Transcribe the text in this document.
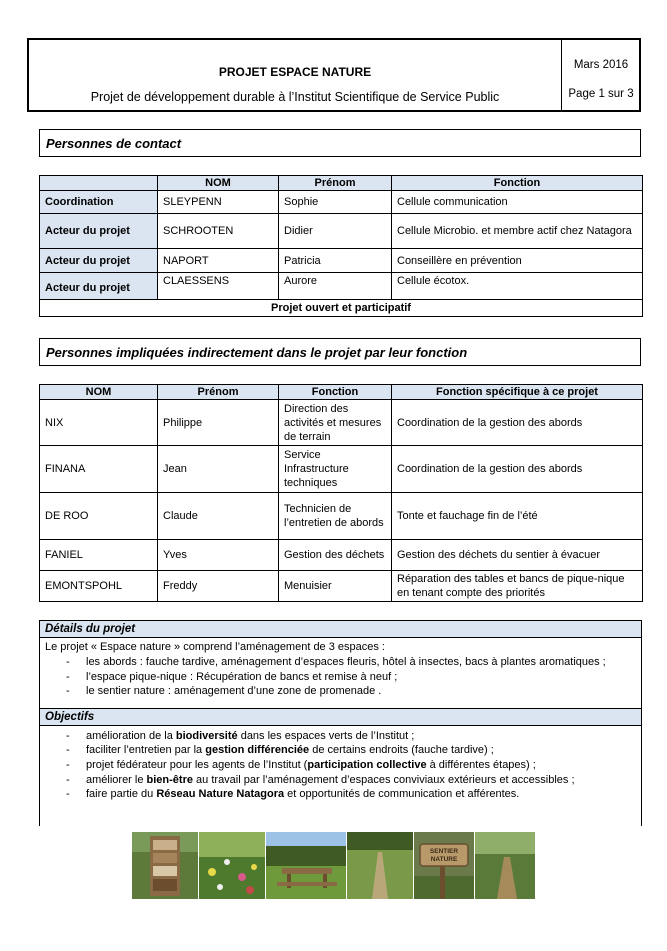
PROJET ESPACE NATURE
Projet de développement durable à l’Institut Scientifique de Service Public
Mars 2016
Page 1 sur 3
Personnes de contact
	NOM	Prénom	Fonction
Coordination	SLEYPENN	Sophie	Cellule communication
Acteur du projet	SCHROOTEN	Didier	Cellule Microbio. et membre actif chez Natagora
Acteur du projet	NAPORT	Patricia	Conseillère en prévention
Acteur du projet	CLAESSENS	Aurore	Cellule écotox.
Projet ouvert et participatif			
Personnes impliquées indirectement dans le projet par leur fonction
NOM	Prénom	Fonction	Fonction spécifique à ce projet
NIX	Philippe	Direction des activités et mesures de terrain	Coordination de la gestion des abords
FINANA	Jean	Service Infrastructure techniques	Coordination de la gestion des abords
DE ROO	Claude	Technicien de l’entretien de abords	Tonte et fauchage fin de l’été
FANIEL	Yves	Gestion des déchets	Gestion des déchets du sentier à évacuer
EMONTSPOHL	Freddy	Menuisier	Réparation des tables et bancs de pique-nique en tenant compte des priorités
Détails du projet
Le projet « Espace nature » comprend l’aménagement de 3 espaces :
- les abords : fauche tardive, aménagement d’espaces fleuris, hôtel à insectes, bacs à plantes aromatiques ;
- l’espace pique-nique : Récupération de bancs et remise à neuf ;
- le sentier nature : aménagement d’une zone de promenade .
Objectifs
- amélioration de la biodiversité dans les espaces verts de l’Institut ;
- faciliter l’entretien par la gestion différenciée de certains endroits (fauche tardive) ;
- projet fédérateur pour les agents de l’Institut (participation collective à différentes étapes) ;
- améliorer le bien-être au travail par l’aménagement d’espaces conviviaux extérieurs et accessibles ;
- faire partie du Réseau Nature Natagora et opportunités de communication et afférentes.
SENTIER
NATURE
